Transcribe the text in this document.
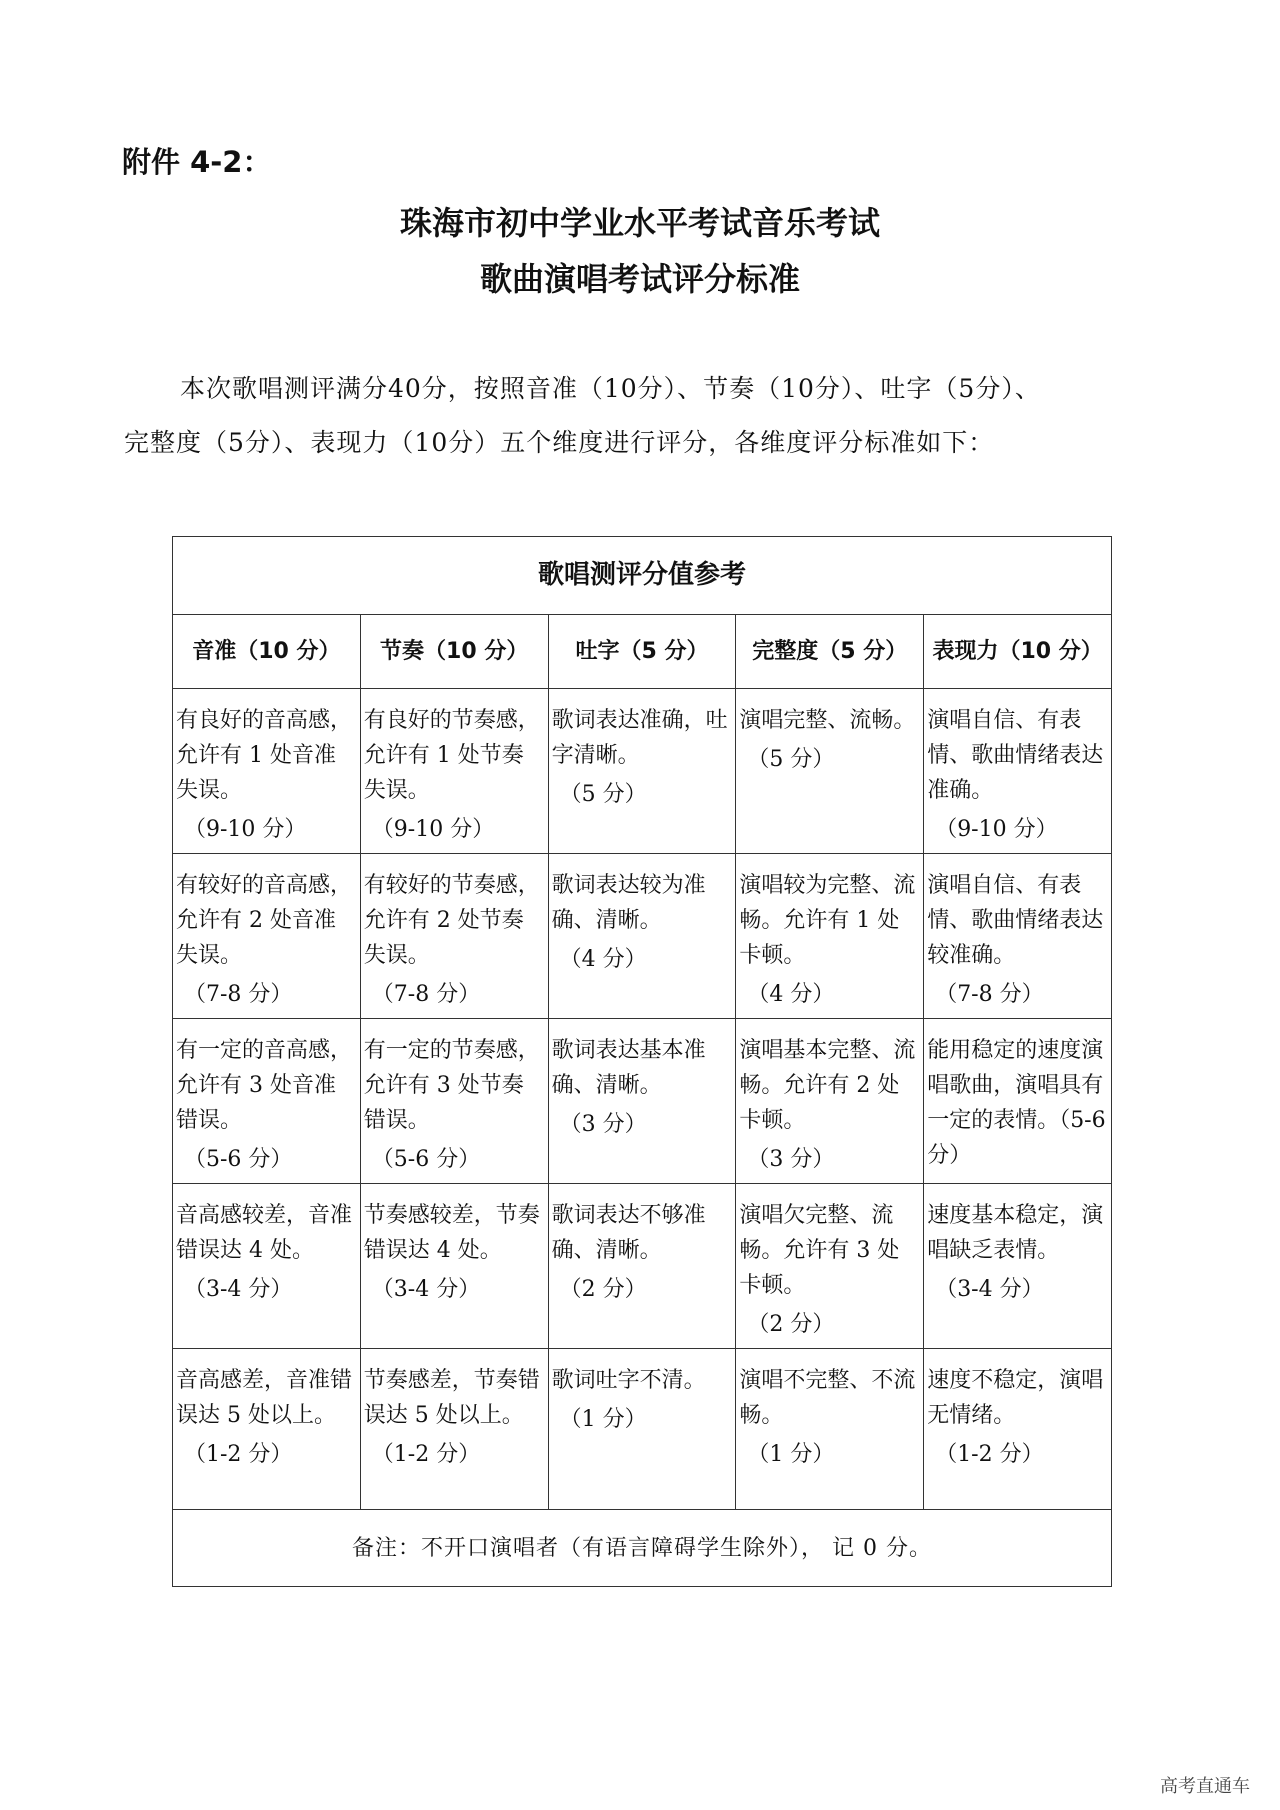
附件 4-2：
珠海市初中学业水平考试音乐考试
歌曲演唱考试评分标准

本次歌唱测评满分40分，按照音准（10分）、节奏（10分）、吐字（5分）、

完整度（5分）、表现力（10分）五个维度进行评分，各维度评分标准如下：

歌唱测评分值参考				
音准（10 分）	节奏（10 分）	吐字（5 分）	完整度（5 分）	表现力（10 分）

有良好的音高感，允许有 1 处音准失误。
（9-10 分）	有良好的节奏感，允许有 1 处节奏失误。
（9-10 分）	歌词表达准确，吐字清晰。
（5 分）	演唱完整、流畅。
（5 分）	演唱自信、有表情、歌曲情绪表达准确。
（9-10 分）

有较好的音高感，允许有 2 处音准失误。
（7-8 分）	有较好的节奏感，允许有 2 处节奏失误。
（7-8 分）	歌词表达较为准确、清晰。
（4 分）	演唱较为完整、流畅。允许有 1 处卡顿。
（4 分）	演唱自信、有表情、歌曲情绪表达较准确。
（7-8 分）

有一定的音高感，允许有 3 处音准错误。
（5-6 分）	有一定的节奏感，允许有 3 处节奏错误。
（5-6 分）	歌词表达基本准确、清晰。
（3 分）	演唱基本完整、流畅。允许有 2 处卡顿。
（3 分）	能用稳定的速度演唱歌曲，演唱具有一定的表情。（5-6 分）

音高感较差，音准错误达 4 处。
（3-4 分）	节奏感较差，节奏错误达 4 处。
（3-4 分）	歌词表达不够准确、清晰。
（2 分）	演唱欠完整、流畅。允许有 3 处卡顿。
（2 分）	速度基本稳定，演唱缺乏表情。
（3-4 分）

音高感差，音准错误达 5 处以上。
（1-2 分）	节奏感差，节奏错误达 5 处以上。
（1-2 分）	歌词吐字不清。
（1 分）	演唱不完整、不流畅。
（1 分）	速度不稳定，演唱无情绪。
（1-2 分）

备注：不开口演唱者（有语言障碍学生除外）， 记 0 分。				
高考直通车
